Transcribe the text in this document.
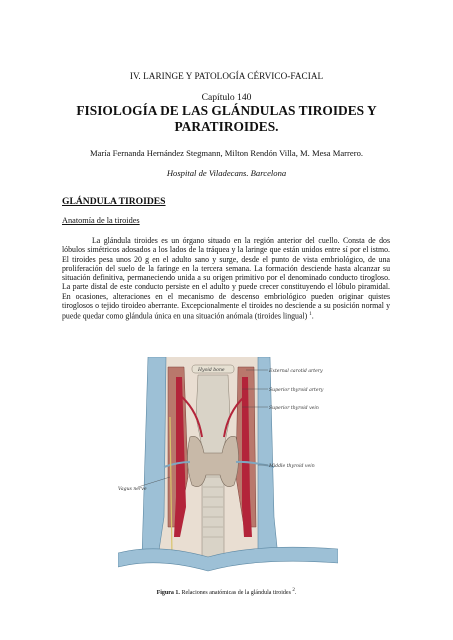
IV. LARINGE Y PATOLOGÍA CÉRVICO-FACIAL
Capítulo 140
FISIOLOGÍA DE LAS GLÁNDULAS TIROIDES Y
PARATIROIDES.
María Fernanda Hernández Stegmann, Milton Rendón Villa, M. Mesa Marrero.
Hospital de Viladecans. Barcelona
GLÁNDULA TIROIDES
Anatomía de la tiroides

La glándula tiroides es un órgano situado en la región anterior del cuello. Consta de dos lóbulos simétricos adosados a los lados de la tráquea y la laringe que están unidos entre sí por el istmo. El tiroides pesa unos 20 g en el adulto sano y surge, desde el punto de vista embriológico, de una proliferación del suelo de la faringe en la tercera semana. La formación desciende hasta alcanzar su situación definitiva, permaneciendo unida a su origen primitivo por el denominado conducto tirogloso. La parte distal de este conducto persiste en el adulto y puede crecer constituyendo el lóbulo piramidal. En ocasiones, alteraciones en el mecanismo de descenso embriológico pueden originar quistes tiroglosos o tejido tiroideo aberrante. Excepcionalmente el tiroides no desciende a su posición normal y puede quedar como glándula única en una situación anómala (tiroides lingual) $^1$.

Hyoid bone	External carotid artery
Superior thyroid artery
Superior thyroid vein
Middle thyroid vein
Vagus nerve
Figura 1. Relaciones anatómicas de la glándula tiroides $^2$.
